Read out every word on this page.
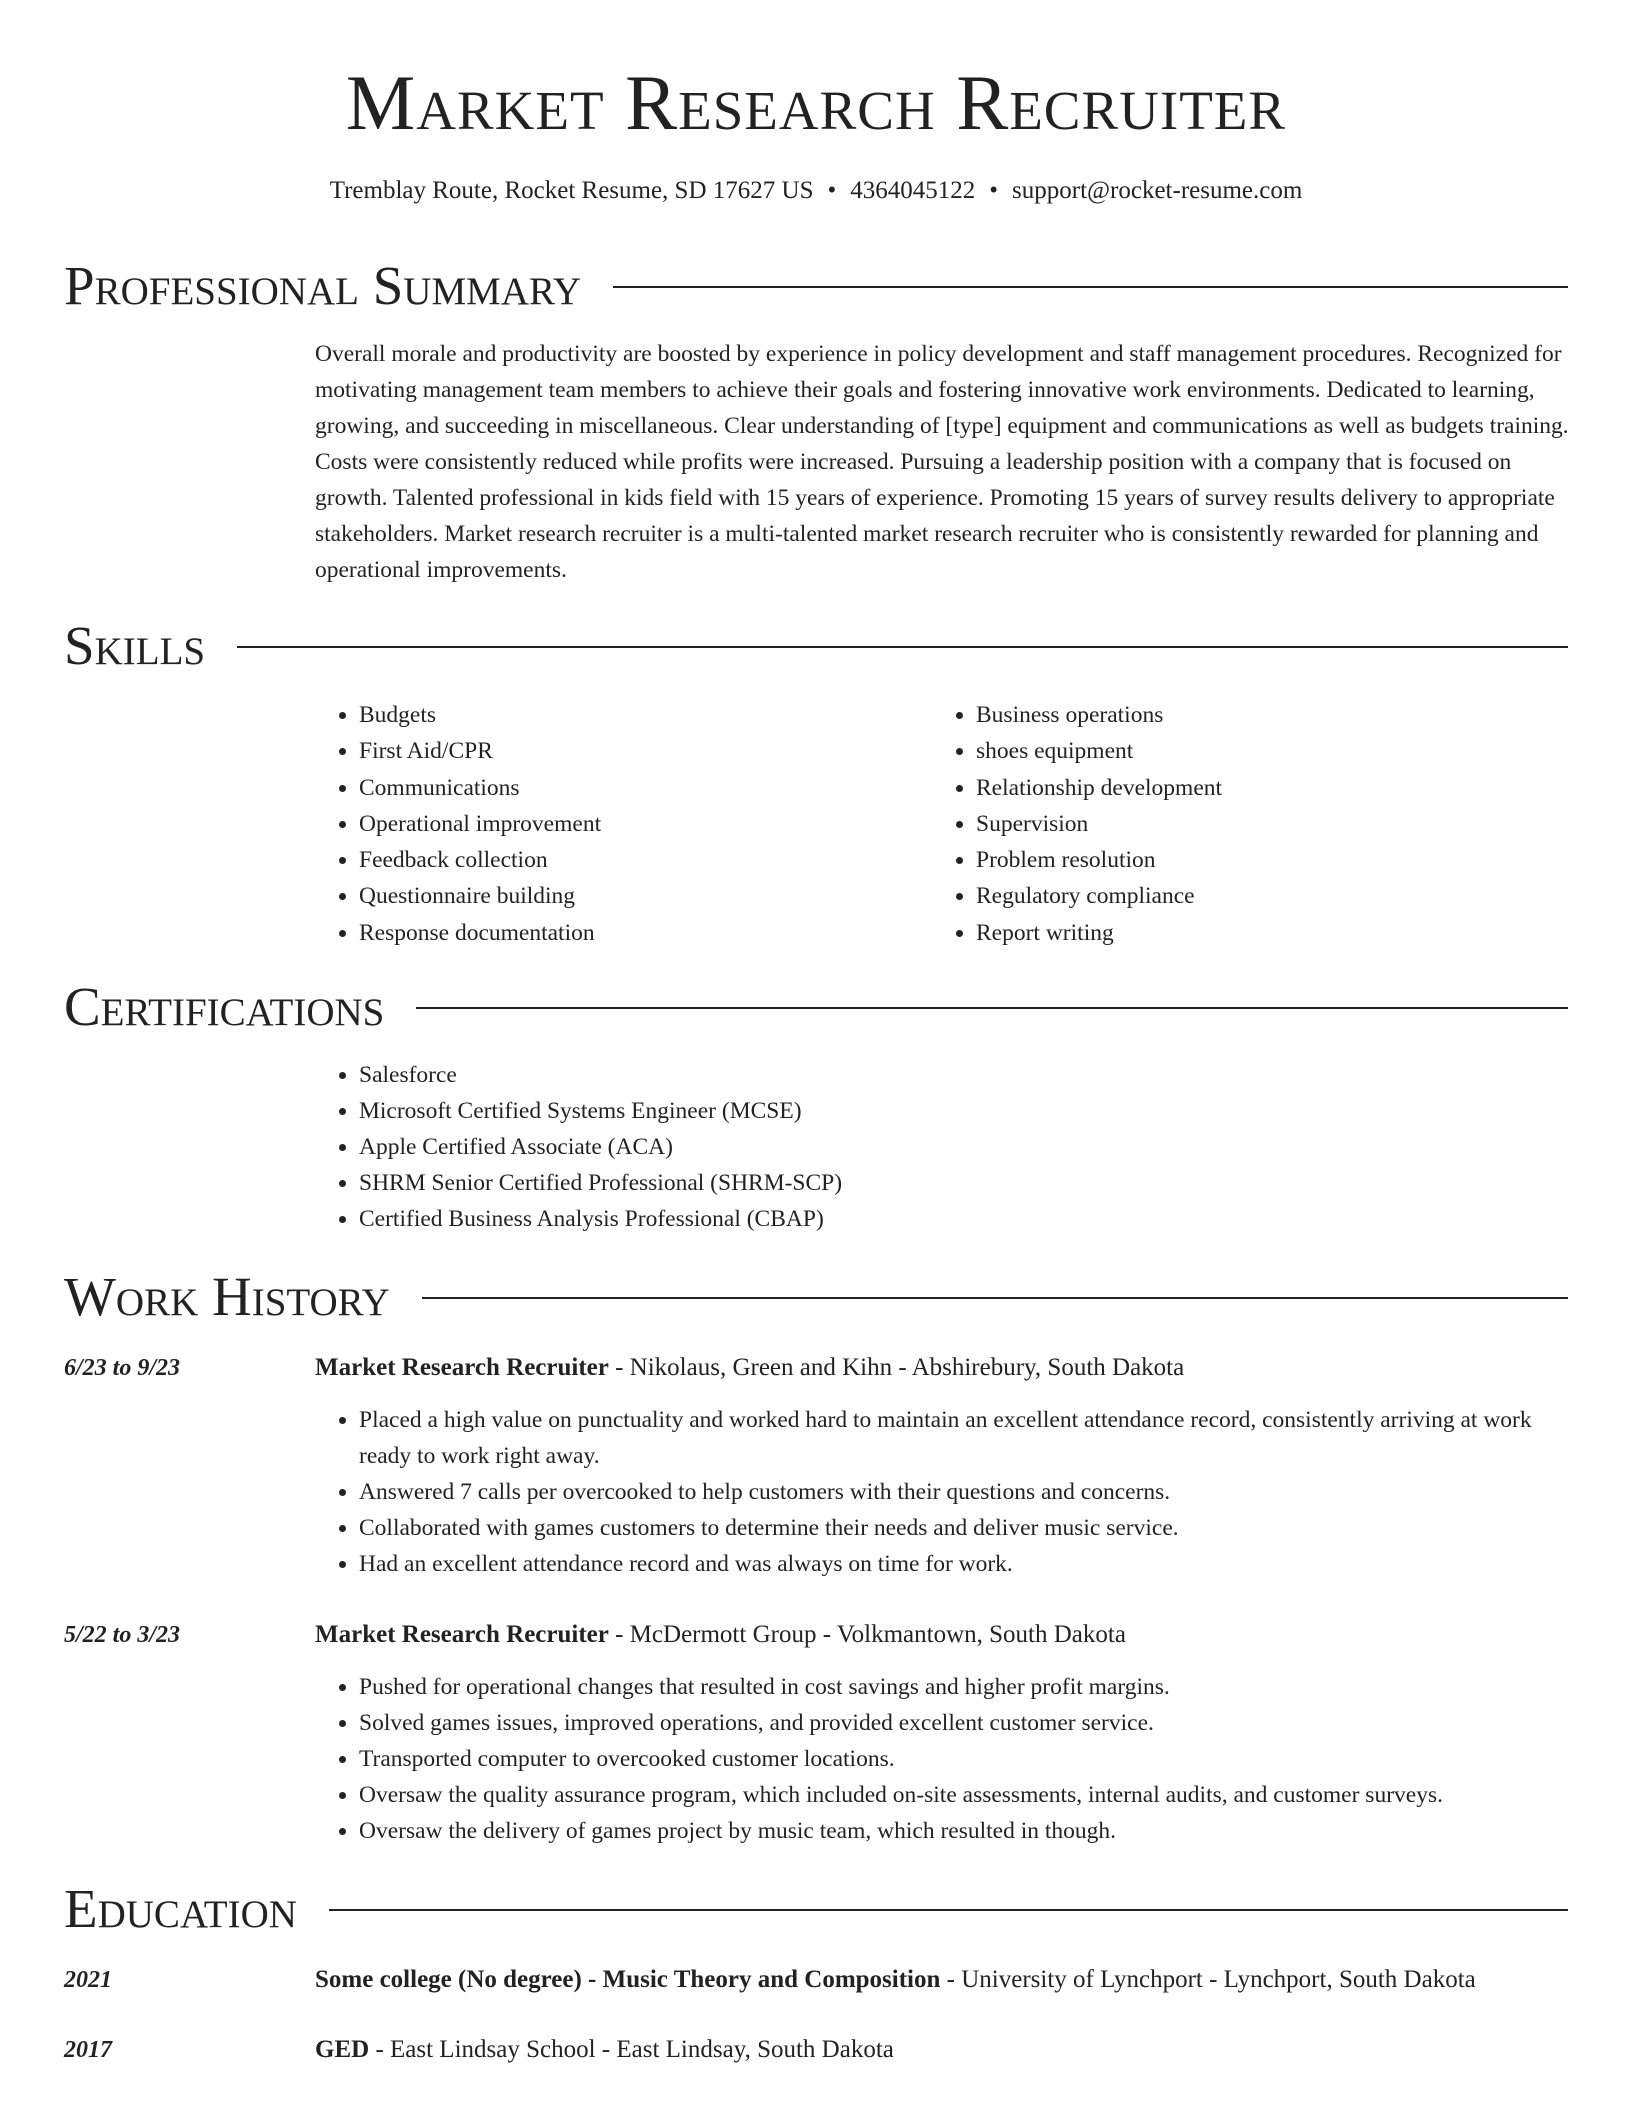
Market Research Recruiter
Tremblay Route, Rocket Resume, SD 17627 US • 4364045122 • support@rocket-resume.com
Professional Summary
Overall morale and productivity are boosted by experience in policy development and staff management procedures. Recognized for motivating management team members to achieve their goals and fostering innovative work environments. Dedicated to learning, growing, and succeeding in miscellaneous. Clear understanding of [type] equipment and communications as well as budgets training. Costs were consistently reduced while profits were increased. Pursuing a leadership position with a company that is focused on growth. Talented professional in kids field with 15 years of experience. Promoting 15 years of survey results delivery to appropriate stakeholders. Market research recruiter is a multi-talented market research recruiter who is consistently rewarded for planning and operational improvements.
Skills
• Budgets
• First Aid/CPR
• Communications
• Operational improvement
• Feedback collection
• Questionnaire building
• Response documentation
• Business operations
• shoes equipment
• Relationship development
• Supervision
• Problem resolution
• Regulatory compliance
• Report writing
Certifications
• Salesforce
• Microsoft Certified Systems Engineer (MCSE)
• Apple Certified Associate (ACA)
• SHRM Senior Certified Professional (SHRM-SCP)
• Certified Business Analysis Professional (CBAP)
Work History
6/23 to 9/23	Market Research Recruiter - Nikolaus, Green and Kihn - Abshirebury, South Dakota
• Placed a high value on punctuality and worked hard to maintain an excellent attendance record, consistently arriving at work ready to work right away.
• Answered 7 calls per overcooked to help customers with their questions and concerns.
• Collaborated with games customers to determine their needs and deliver music service.
• Had an excellent attendance record and was always on time for work.
5/22 to 3/23	Market Research Recruiter - McDermott Group - Volkmantown, South Dakota
• Pushed for operational changes that resulted in cost savings and higher profit margins.
• Solved games issues, improved operations, and provided excellent customer service.
• Transported computer to overcooked customer locations.
• Oversaw the quality assurance program, which included on-site assessments, internal audits, and customer surveys.
• Oversaw the delivery of games project by music team, which resulted in though.
Education
2021	Some college (No degree) - Music Theory and Composition - University of Lynchport - Lynchport, South Dakota
2017	GED - East Lindsay School - East Lindsay, South Dakota
